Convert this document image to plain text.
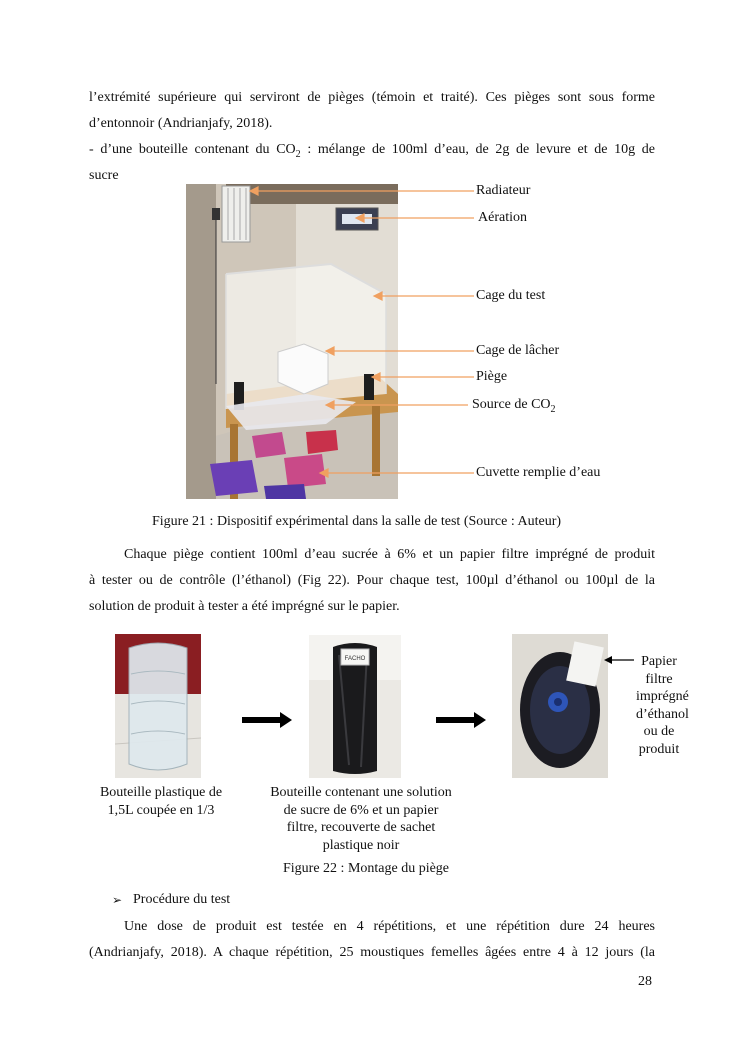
l’extrémité supérieure qui serviront de pièges (témoin et traité). Ces pièges sont sous forme
d’entonnoir (Andrianjafy, 2018).
- d’une bouteille contenant du $CO_2$ : mélange de 100ml d’eau, de 2g de levure et de 10g de
sucre
Radiateur
Aération
Cage du test
Cage de lâcher
Piège
Source de $CO_2$
Cuvette remplie d’eau
Figure 21 : Dispositif expérimental dans la salle de test (Source : Auteur)
Chaque piège contient 100ml d’eau sucrée à 6% et un papier filtre imprégné de produit
à tester ou de contrôle (l’éthanol) (Fig 22). Pour chaque test, 100µl d’éthanol ou 100µl de la
solution de produit à tester a été imprégné sur le papier.
FACHO	Papier
filtre
imprégné
d’éthanol
ou de
produit
Bouteille plastique de
1,5L coupée en 1/3
Bouteille contenant une solution
de sucre de 6% et un papier
filtre, recouverte de sachet
plastique noir
Figure 22 : Montage du piège
➢ Procédure du test
Une dose de produit est testée en 4 répétitions, et une répétition dure 24 heures
(Andrianjafy, 2018). A chaque répétition, 25 moustiques femelles âgées entre 4 à 12 jours (la
28
